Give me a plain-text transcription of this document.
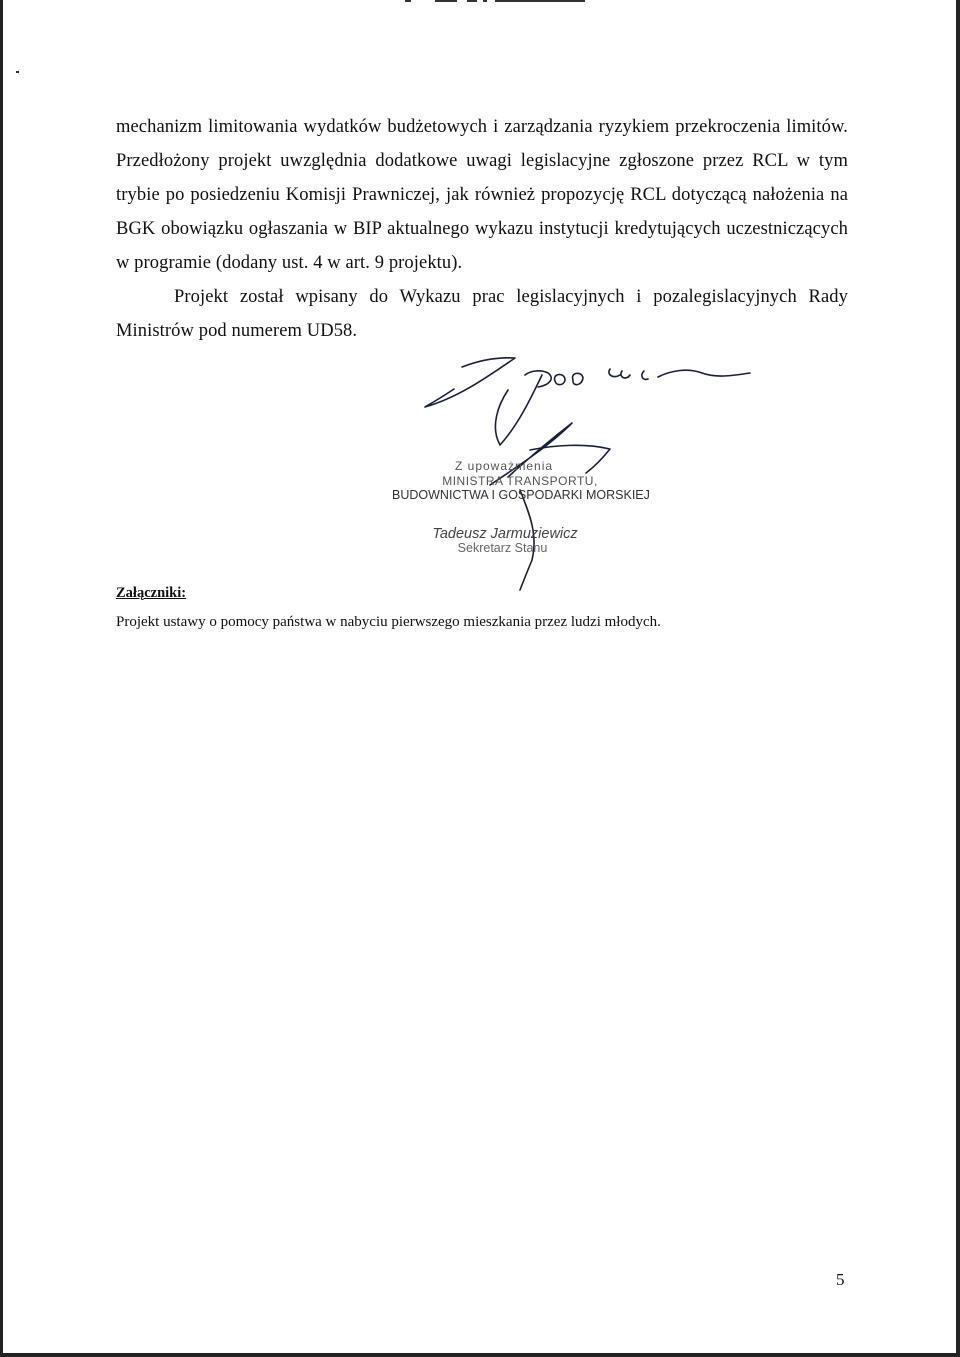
mechanizm limitowania wydatków budżetowych i zarządzania ryzykiem przekroczenia limitów. Przedłożony projekt uwzględnia dodatkowe uwagi legislacyjne zgłoszone przez RCL w tym trybie po posiedzeniu Komisji Prawniczej, jak również propozycję RCL dotyczącą nałożenia na BGK obowiązku ogłaszania w BIP aktualnego wykazu instytucji kredytujących uczestniczących w programie (dodany ust. 4 w art. 9 projektu).
Projekt został wpisany do Wykazu prac legislacyjnych i pozalegislacyjnych Rady Ministrów pod numerem UD58.
Z upoważnienia
MINISTRA TRANSPORTU,
BUDOWNICTWA I GOSPODARKI MORSKIEJ
Tadeusz Jarmuziewicz
Sekretarz Stanu
Załączniki:
Projekt ustawy o pomocy państwa w nabyciu pierwszego mieszkania przez ludzi młodych.
5
